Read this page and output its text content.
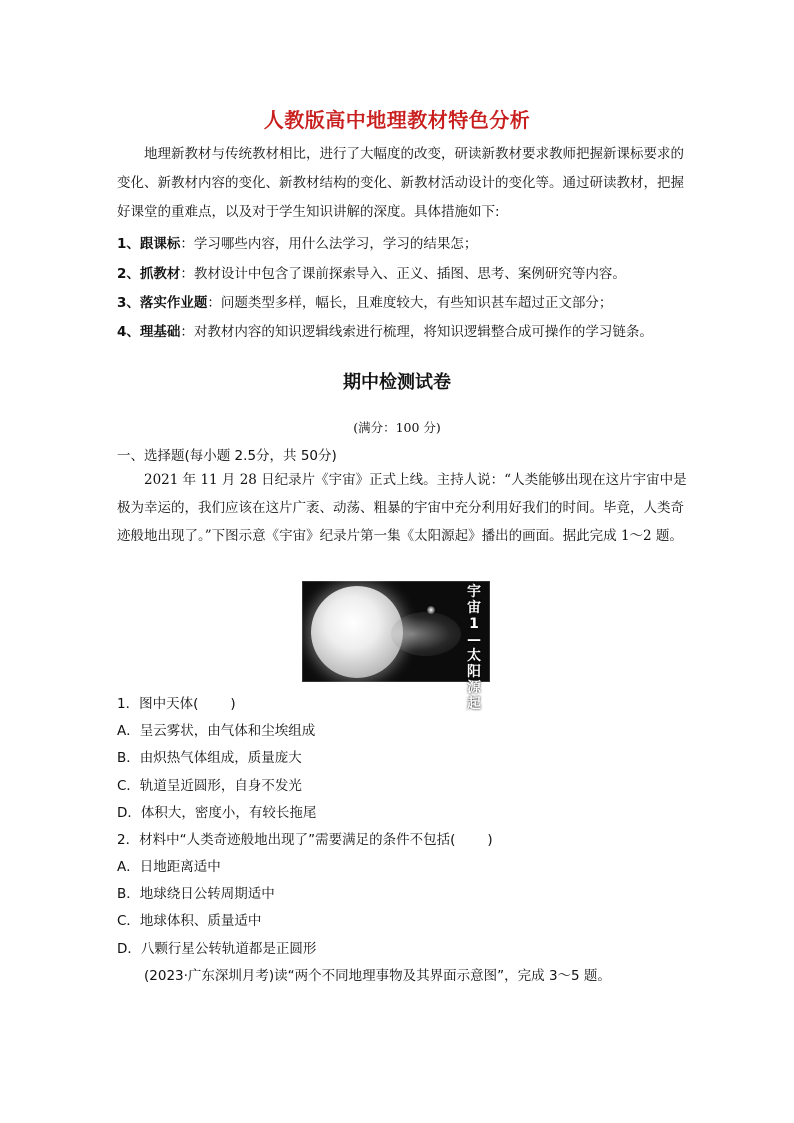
人教版高中地理教材特色分析
地理新教材与传统教材相比，进行了大幅度的改变，研读新教材要求教师把握新课标要求的变化、新教材内容的变化、新教材结构的变化、新教材活动设计的变化等。通过研读教材，把握好课堂的重难点，以及对于学生知识讲解的深度。具体措施如下:
1、跟课标：学习哪些内容，用什么法学习，学习的结果怎；
2、抓教材：教材设计中包含了课前探索导入、正义、插图、思考、案例研究等内容。
3、落实作业题：问题类型多样，幅长，且难度较大，有些知识甚车超过正文部分；
4、理基础：对教材内容的知识逻辑线索进行梳理，将知识逻辑整合成可操作的学习链条。
期中检测试卷
(满分：100 分)
一、选择题(每小题 2.5分，共 50分)
2021 年 11 月 28 日纪录片《宇宙》正式上线。主持人说：“人类能够出现在这片宇宙中是极为幸运的，我们应该在这片广袤、动荡、粗暴的宇宙中充分利用好我们的时间。毕竟，人类奇迹般地出现了。”下图示意《宇宙》纪录片第一集《太阳源起》播出的画面。据此完成 1～2 题。
宇宙1—太阳源起
1．图中天体( )
A．呈云雾状，由气体和尘埃组成
B．由炽热气体组成，质量庞大
C．轨道呈近圆形，自身不发光
D．体积大，密度小，有较长拖尾
2．材料中“人类奇迹般地出现了”需要满足的条件不包括( )
A．日地距离适中
B．地球绕日公转周期适中
C．地球体积、质量适中
D．八颗行星公转轨道都是正圆形
(2023·广东深圳月考)读“两个不同地理事物及其界面示意图”，完成 3～5 题。
